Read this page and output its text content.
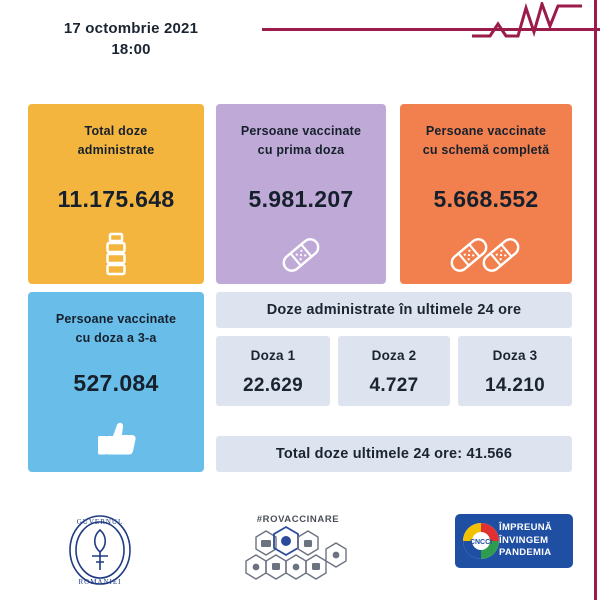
17 octombrie 2021
18:00
Total doze
administrate
11.175.648
Persoane vaccinate
cu prima doza
5.981.207
Persoane vaccinate
cu schemă completă
5.668.552
Persoane vaccinate
cu doza a 3-a
527.084
Doze administrate în ultimele 24 ore
Doza 1
22.629
Doza 2
4.727
Doza 3
14.210
Total doze ultimele 24 ore: 41.566
GUVERNUL
ROMÂNIEI
#ROVACCINARE
CNCCI
ÎMPREUNĂ
ÎNVINGEM
PANDEMIA
